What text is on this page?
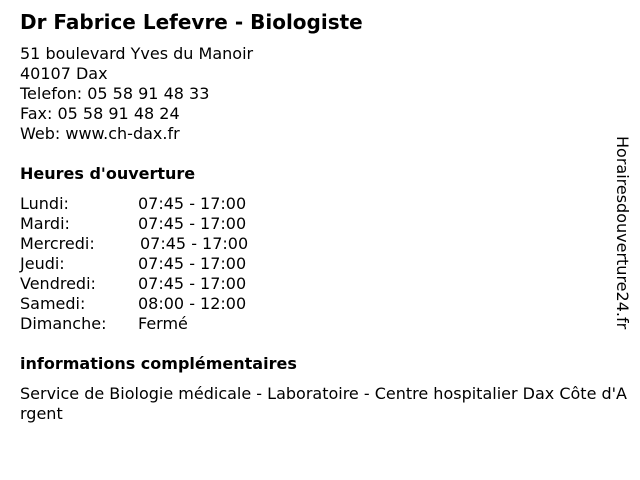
Dr Fabrice Lefevre - Biologiste
51 boulevard Yves du Manoir
40107 Dax
Telefon: 05 58 91 48 33
Fax: 05 58 91 48 24
Web: www.ch-dax.fr
Heures d'ouverture
Lundi:	07:45 - 17:00
Mardi:	07:45 - 17:00
Mercredi:	07:45 - 17:00
Jeudi:	07:45 - 17:00
Vendredi:	07:45 - 17:00
Samedi:	08:00 - 12:00
Dimanche: Fermé
informations complémentaires
Service de Biologie médicale - Laboratoire - Centre hospitalier Dax Côte d'Argent
Horairesdouverture24.fr
